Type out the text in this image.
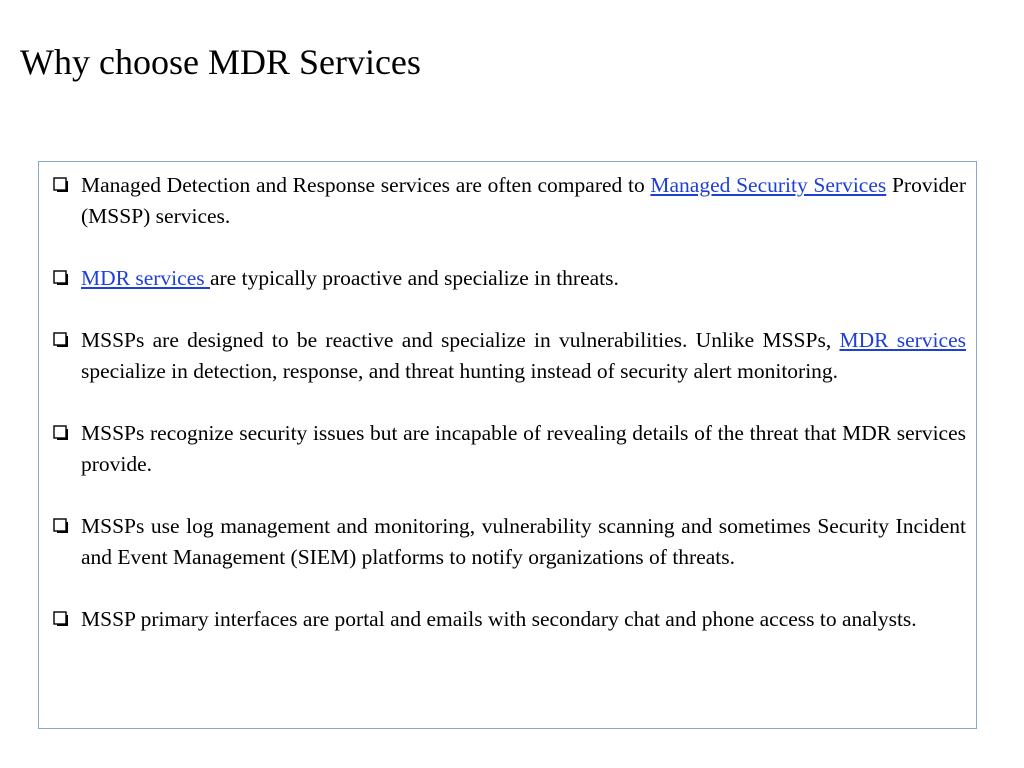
Why choose MDR Services

Managed Detection and Response services are often compared to Managed Security Services Provider (MSSP) services.

MDR services are typically proactive and specialize in threats.

MSSPs are designed to be reactive and specialize in vulnerabilities. Unlike MSSPs, MDR services specialize in detection, response, and threat hunting instead of security alert monitoring.

MSSPs recognize security issues but are incapable of revealing details of the threat that MDR services provide.

MSSPs use log management and monitoring, vulnerability scanning and sometimes Security Incident and Event Management (SIEM) platforms to notify organizations of threats.

MSSP primary interfaces are portal and emails with secondary chat and phone access to analysts.
